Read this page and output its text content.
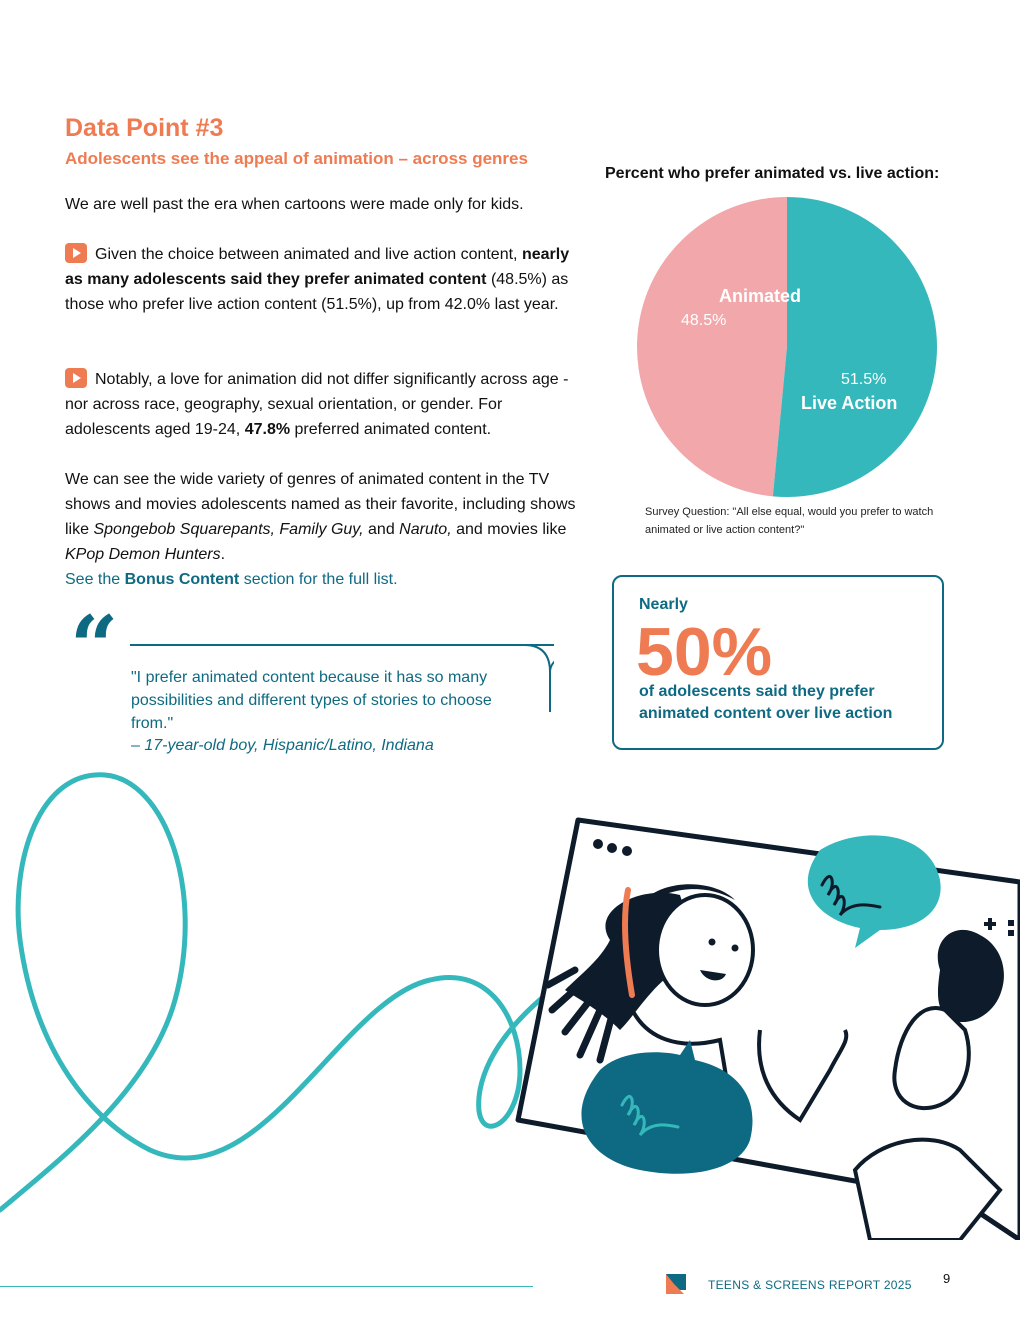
Data Point #3
Adolescents see the appeal of animation – across genres

We are well past the era when cartoons were made only for kids.

Given the choice between animated and live action content, nearly as many adolescents said they prefer animated content (48.5%) as those who prefer live action content (51.5%), up from 42.0% last year.

Notably, a love for animation did not differ significantly across age - nor across race, geography, sexual orientation, or gender. For adolescents aged 19-24, 47.8% preferred animated content.

We can see the wide variety of genres of animated content in the TV shows and movies adolescents named as their favorite, including shows like Spongebob Squarepants, Family Guy, and Naruto, and movies like KPop Demon Hunters.

See the Bonus Content section for the full list.

“ "I prefer animated content because it has so many possibilities and different types of stories to choose from."
– 17-year-old boy, Hispanic/Latino, Indiana
Percent who prefer animated vs. live action:
Animated
48.5%
51.5%
Live Action
Survey Question: "All else equal, would you prefer to watch animated or live action content?"
Nearly
50%
of adolescents said they prefer animated content over live action
TEENS & SCREENS REPORT 2025 9
